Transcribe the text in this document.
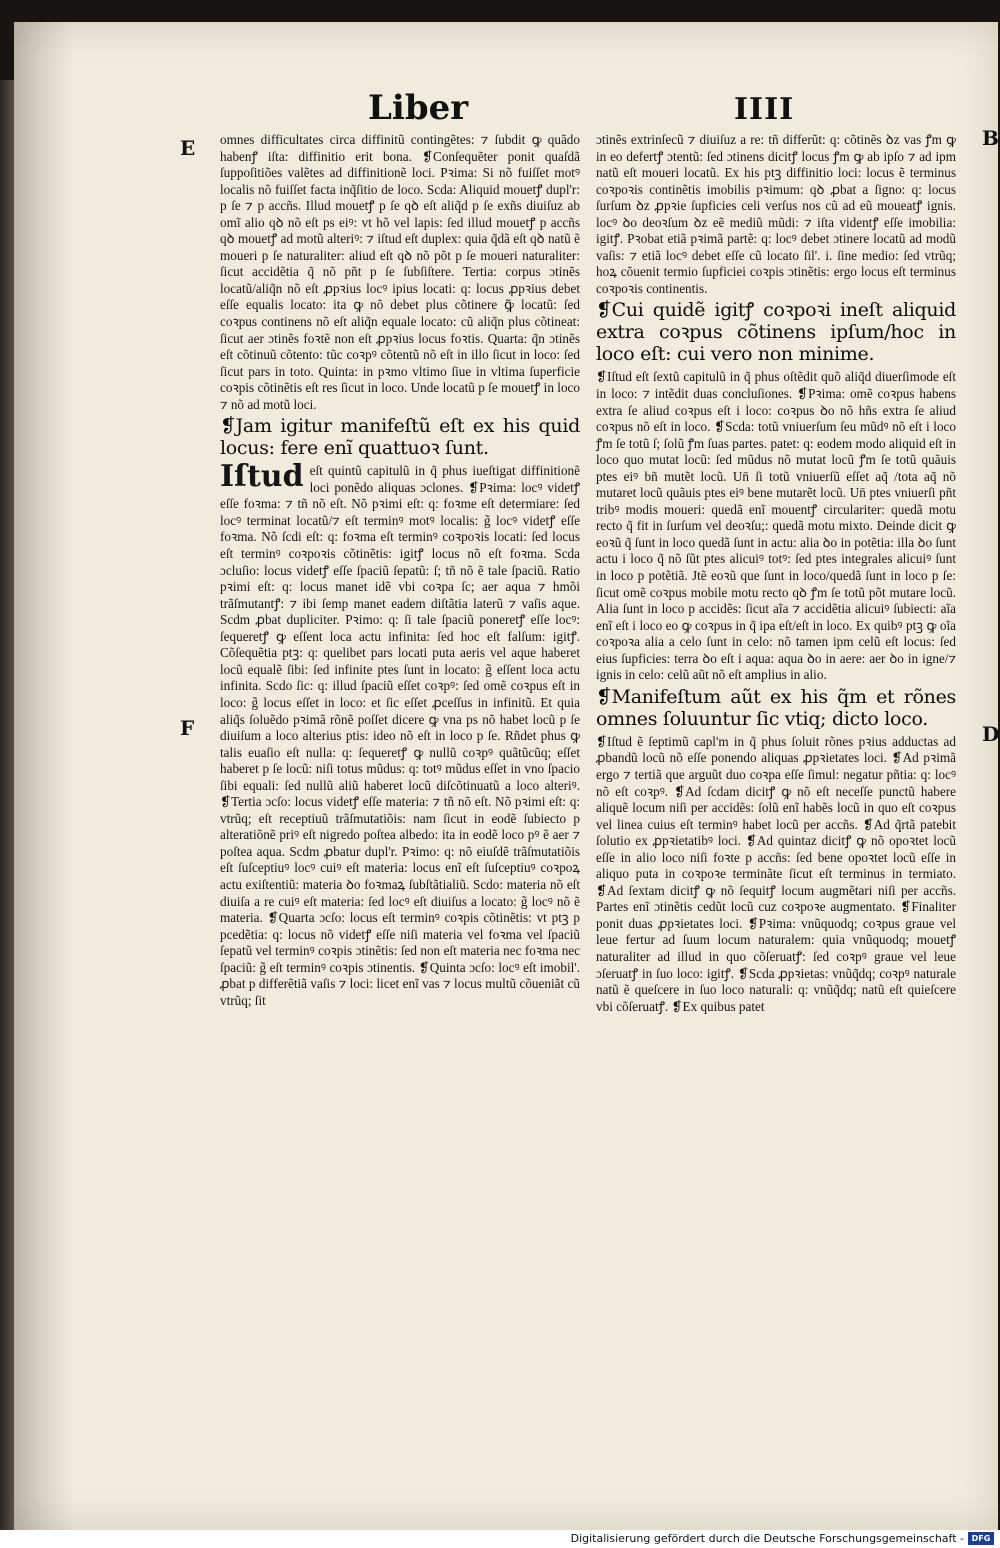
Liber	IIII
E
F
B
D

omnes difficultates circa diffinitũ contingẽtes: ⁊ ſubdit ꝙ quãdo habenꝭ iſta: diffinitio erit bona. ❡Conſequẽter ponit quaſdã ſuppoſitiões valẽtes ad diffinitionẽ loci. Pꝛima: Si nõ fuiſſet motꝰ localis nõ fuiſſet facta inq̃ſitio de loco. Scda: Aliquid mouetꝭ dupl'r: p ſe ⁊ p accñs. Illud mouetꝭ p ſe qꝺ eſt aliq̃d p ſe exñs diuiſuz ab omĩ alio qꝺ nõ eſt ps eiꝰ: vt hõ vel lapis: ſed illud mouetꝭ p accñs qꝺ mouetꝭ ad motũ alteriꝰ: ⁊ iſtud eſt duplex: quia q̃dã eſt qꝺ natũ ẽ moueri p ſe naturaliter: aliud eſt qꝺ nõ põt p ſe moueri naturaliter: ſicut accidẽtia q̃ nõ pñt p ſe ſubſiſtere. Tertia: corpus ɔtinẽs locatũ/aliq̃n nõ eſt ꝓpꝛius locꝰ ipius locati: q: locus ꝓpꝛius debet eſſe equalis locato: ita ꝙ nõ debet plus cõtinere ꝙ̃ locatũ: ſed coꝛpus continens nõ eſt aliq̃n equale locato: cũ aliq̃n plus cõtineat: ſicut aer ɔtinẽs foꝛtẽ non eſt ꝓpꝛius locus foꝛtis. Quarta: q̃n ɔtinẽs eſt cõtinuũ cõtento: tũc coꝛpꝰ cõtentũ nõ eſt in illo ſicut in loco: ſed ſicut pars in toto. Quinta: in pꝛmo vltimo ſiue in vltima ſuperficie coꝛpis cõtinẽtis eſt res ſicut in loco. Unde locatũ p ſe mouetꝭ in loco ⁊ nõ ad motũ loci.

❡Jam igitur manifeſtũ eſt ex his quid locus: fere enĩ quattuoꝛ ſunt.

Iſtud eſt quintũ capitulũ in q̃ phus iueſtigat diffinitionẽ loci ponẽdo aliquas ɔclones. ❡Pꝛima: locꝰ videtꝭ eſſe foꝛma: ⁊ tñ nõ eſt. Nõ pꝛimi eſt: q: foꝛme eſt determiare: ſed locꝰ terminat locatũ/⁊ eſt terminꝰ motꝰ localis: g̃ locꝰ videtꝭ eſſe foꝛma. Nõ ſcdi eſt: q: foꝛma eſt terminꝰ coꝛpoꝛis locati: ſed locus eſt terminꝰ coꝛpoꝛis cõtinẽtis: igitꝭ locus nõ eſt foꝛma. Scda ɔcluſio: locus videtꝭ eſſe ſpaciũ ſepatũ: ſ; tñ nõ ẽ tale ſpaciũ. Ratio pꝛimi eſt: q: locus manet idẽ vbi coꝛpa ſc; aer aqua ⁊ hmõi trãſmutantꝭ: ⁊ ibi ſemp manet eadem diſtãtia laterũ ⁊ vaſis aque. Scdm ꝓbat dupliciter. Pꝛimo: q: ſi tale ſpaciũ poneretꝭ eſſe locꝰ: ſequeretꝭ ꝙ eſſent loca actu infinita: ſed hoc eſt falſum: igitꝭ. Cõſequẽtia ptꝫ: q: quelibet pars locati puta aeris vel aque haberet locũ equalẽ ſibi: ſed infinite ptes ſunt in locato: g̃ eſſent loca actu infinita. Scdo ſic: q: illud ſpaciũ eſſet coꝛpꝰ: ſed omẽ coꝛpus eſt in loco: g̃ locus eſſet in loco: et ſic eſſet ꝓceſſus in infinitũ. Et quia aliq̃s ſoluẽdo pꝛimã rõnẽ poſſet dicere ꝙ vna ps nõ habet locũ p ſe diuiſum a loco alterius ptis: ideo nõ eſt in loco p ſe. Rñdet phus ꝙ talis euaſio eſt nulla: q: ſequeretꝭ ꝙ nullũ coꝛpꝰ quãtũcũq; eſſet haberet p ſe locũ: niſi totus mũdus: q: totꝰ mũdus eſſet in vno ſpacio ſibi equali: ſed nullũ aliũ haberet locũ diſcõtinuatũ a loco alteriꝰ. ❡Tertia ɔcſo: locus videtꝭ eſſe materia: ⁊ tñ nõ eſt. Nõ pꝛimi eſt: q: vtrũq; eſt receptiuũ trãſmutatiõis: nam ſicut in eodẽ ſubiecto p alteratiõnẽ priꝰ eſt nigredo poſtea albedo: ita in eodẽ loco pꝰ ẽ aer ⁊ poſtea aqua. Scdm ꝓbatur dupl'r. Pꝛimo: q: nõ eiuſdẽ trãſmutatiõis eſt ſuſceptiuꝰ locꝰ cuiꝰ eſt materia: locus enĩ eſt ſuſceptiuꝰ coꝛpoꝝ actu exiſtentiũ: materia ꝺo foꝛmaꝝ ſubſtãtialiũ. Scdo: materia nõ eſt diuiſa a re cuiꝰ eſt materia: ſed locꝰ eſt diuiſus a locato: g̃ locꝰ nõ ẽ materia. ❡Quarta ɔcſo: locus eſt terminꝰ coꝛpis cõtinẽtis: vt ptꝫ p pcedẽtia: q: locus nõ videtꝭ eſſe niſi materia vel foꝛma vel ſpaciũ ſepatũ vel terminꝰ coꝛpis ɔtinẽtis: ſed non eſt materia nec foꝛma nec ſpaciũ: g̃ eſt terminꝰ coꝛpis ɔtinentis. ❡Quinta ɔcſo: locꝰ eſt imobil'. ꝓbat p differẽtiã vaſis ⁊ loci: licet enĩ vas ⁊ locus multũ cõueniãt cũ vtrũq; ſit

ɔtinẽs extrinſecũ ⁊ diuiſuz a re: tñ differũt: q: cõtinẽs ꝺz vas ꝭm ꝙ in eo defertꝭ ɔtentũ: ſed ɔtinens dicitꝭ locus ꝭm ꝙ ab ipſo ⁊ ad ipm natũ eſt moueri locatũ. Ex his ptꝫ diffinitio loci: locus ẽ terminus coꝛpoꝛis continẽtis imobilis pꝛimum: qꝺ ꝓbat a ſigno: q: locus ſurſum ꝺz ꝓpꝛie ſupficies celi verſus nos cũ ad eũ moueatꝭ ignis. locꝰ ꝺo deoꝛſum ꝺz eẽ mediũ mũdi: ⁊ iſta videntꝭ eſſe imobilia: igitꝭ. Pꝛobat etiã pꝛimã partẽ: q: locꝰ debet ɔtinere locatũ ad modũ vaſis: ⁊ etiã locꝰ debet eſſe cũ locato ſil'. i. ſine medio: ſed vtrũq; hoꝝ cõuenit termio ſupficiei coꝛpis ɔtinẽtis: ergo locus eſt terminus coꝛpoꝛis continentis.

❡Cui quidẽ igitꝭ coꝛpoꝛi ineſt aliquid extra coꝛpus cõtinens ipſum/hoc in loco eſt: cui vero non minime.

❡Iſtud eſt ſextũ capitulũ in q̃ phus oſtẽdit quõ aliq̃d diuerſimode eſt in loco: ⁊ intẽdit duas concluſiones. ❡Pꝛima: omẽ coꝛpus habens extra ſe aliud coꝛpus eſt i loco: coꝛpus ꝺo nõ hñs extra ſe aliud coꝛpus nõ eſt in loco. ❡Scda: totũ vniuerſum ſeu mũdꝰ nõ eſt i loco ꝭm ſe totũ ſ; ſolũ ꝭm ſuas partes. patet: q: eodem modo aliquid eſt in loco quo mutat locũ: ſed mũdus nõ mutat locũ ꝭm ſe totũ quãuis ptes eiꝰ bñ mutẽt locũ. Un̄ ſi totũ vniuerſũ eſſet aq̃ /tota aq̃ nõ mutaret locũ quãuis ptes eiꝰ bene mutarẽt locũ. Un̄ ptes vniuerſi pñt tribꝰ modis moueri: quedã enĩ mouentꝭ circulariter: quedã motu recto q̃ fit in ſurſum vel deoꝛſu;: quedã motu mixto. Deinde dicit ꝙ eoꝛũ q̃ ſunt in loco quedã ſunt in actu: alia ꝺo in potẽtia: illa ꝺo ſunt actu i loco q̃ nõ ſũt ptes alicuiꝰ totꝰ: ſed ptes integrales alicuiꝰ ſunt in loco p potẽtiã. Jtẽ eoꝛũ que ſunt in loco/quedã ſunt in loco p ſe: ſicut omẽ coꝛpus mobile motu recto qꝺ ꝭm ſe totũ põt mutare locũ. Alia ſunt in loco p accidẽs: ſicut aĩa ⁊ accidẽtia alicuiꝰ ſubiecti: aĩa enĩ eſt i loco eo ꝙ coꝛpus in q̃ ipa eſt/eſt in loco. Ex quibꝰ ptꝫ ꝙ oĩa coꝛpoꝛa alia a celo ſunt in celo: nõ tamen ipm celũ eſt locus: ſed eius ſupficies: terra ꝺo eſt i aqua: aqua ꝺo in aere: aer ꝺo in igne/⁊ ignis in celo: celũ aũt nõ eſt amplius in alio.

❡Manifeſtum aũt ex his q̃m et rõnes omnes ſoluuntur ſic vtiq; dicto loco.

❡Iſtud ẽ ſeptimũ capl'm in q̃ phus ſoluit rõnes pꝛius adductas ad ꝓbandũ locũ nõ eſſe ponendo aliquas ꝓpꝛietates loci. ❡Ad pꝛimã ergo ⁊ tertiã que arguũt duo coꝛpa eſſe ſimul: negatur pñtia: q: locꝰ nõ eſt coꝛpꝰ. ❡Ad ſcdam dicitꝭ ꝙ nõ eſt neceſſe punctũ habere aliquẽ locum niſi per accidẽs: ſolũ enĩ habẽs locũ in quo eſt coꝛpus vel linea cuius eſt terminꝰ habet locũ per accñs. ❡Ad q̃rtã patebit ſolutio ex ꝓpꝛietatibꝰ loci. ❡Ad quintaz dicitꝭ ꝙ nõ opoꝛtet locũ eſſe in alio loco niſi foꝛte p accñs: ſed bene opoꝛtet locũ eſſe in aliquo puta in coꝛpoꝛe terminãte ſicut eſt terminus in termiato. ❡Ad ſextam dicitꝭ ꝙ nõ ſequitꝭ locum augmẽtari niſi per accñs. Partes enĩ ɔtinẽtis cedũt locũ cuz coꝛpoꝛe augmentato. ❡Finaliter ponit duas ꝓpꝛietates loci. ❡Pꝛima: vnũquodq; coꝛpus graue vel leue fertur ad ſuum locum naturalem: quia vnũquodq; mouetꝭ naturaliter ad illud in quo cõſeruatꝭ: ſed coꝛpꝰ graue vel leue ɔſeruatꝭ in ſuo loco: igitꝭ. ❡Scda ꝓpꝛietas: vnũq̃dq; coꝛpꝰ naturale natũ ẽ queſcere in ſuo loco naturali: q: vnũq̃dq; natũ eſt quieſcere vbi cõſeruatꝭ. ❡Ex quibus patet

Digitalisierung gefördert durch die Deutsche Forschungsgemeinschaft - DFG
